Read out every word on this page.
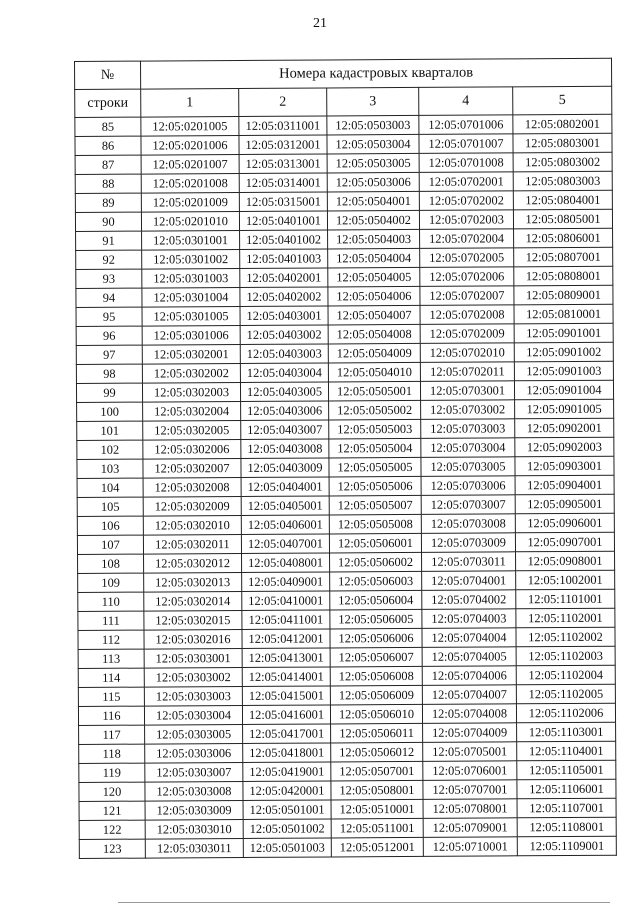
21
№	Номера кадастровых кварталов				
строки	1	2	3	4	5
85	12:05:0201005	12:05:0311001	12:05:0503003	12:05:0701006	12:05:0802001
86	12:05:0201006	12:05:0312001	12:05:0503004	12:05:0701007	12:05:0803001
87	12:05:0201007	12:05:0313001	12:05:0503005	12:05:0701008	12:05:0803002
88	12:05:0201008	12:05:0314001	12:05:0503006	12:05:0702001	12:05:0803003
89	12:05:0201009	12:05:0315001	12:05:0504001	12:05:0702002	12:05:0804001
90	12:05:0201010	12:05:0401001	12:05:0504002	12:05:0702003	12:05:0805001
91	12:05:0301001	12:05:0401002	12:05:0504003	12:05:0702004	12:05:0806001
92	12:05:0301002	12:05:0401003	12:05:0504004	12:05:0702005	12:05:0807001
93	12:05:0301003	12:05:0402001	12:05:0504005	12:05:0702006	12:05:0808001
94	12:05:0301004	12:05:0402002	12:05:0504006	12:05:0702007	12:05:0809001
95	12:05:0301005	12:05:0403001	12:05:0504007	12:05:0702008	12:05:0810001
96	12:05:0301006	12:05:0403002	12:05:0504008	12:05:0702009	12:05:0901001
97	12:05:0302001	12:05:0403003	12:05:0504009	12:05:0702010	12:05:0901002
98	12:05:0302002	12:05:0403004	12:05:0504010	12:05:0702011	12:05:0901003
99	12:05:0302003	12:05:0403005	12:05:0505001	12:05:0703001	12:05:0901004
100	12:05:0302004	12:05:0403006	12:05:0505002	12:05:0703002	12:05:0901005
101	12:05:0302005	12:05:0403007	12:05:0505003	12:05:0703003	12:05:0902001
102	12:05:0302006	12:05:0403008	12:05:0505004	12:05:0703004	12:05:0902003
103	12:05:0302007	12:05:0403009	12:05:0505005	12:05:0703005	12:05:0903001
104	12:05:0302008	12:05:0404001	12:05:0505006	12:05:0703006	12:05:0904001
105	12:05:0302009	12:05:0405001	12:05:0505007	12:05:0703007	12:05:0905001
106	12:05:0302010	12:05:0406001	12:05:0505008	12:05:0703008	12:05:0906001
107	12:05:0302011	12:05:0407001	12:05:0506001	12:05:0703009	12:05:0907001
108	12:05:0302012	12:05:0408001	12:05:0506002	12:05:0703011	12:05:0908001
109	12:05:0302013	12:05:0409001	12:05:0506003	12:05:0704001	12:05:1002001
110	12:05:0302014	12:05:0410001	12:05:0506004	12:05:0704002	12:05:1101001
111	12:05:0302015	12:05:0411001	12:05:0506005	12:05:0704003	12:05:1102001
112	12:05:0302016	12:05:0412001	12:05:0506006	12:05:0704004	12:05:1102002
113	12:05:0303001	12:05:0413001	12:05:0506007	12:05:0704005	12:05:1102003
114	12:05:0303002	12:05:0414001	12:05:0506008	12:05:0704006	12:05:1102004
115	12:05:0303003	12:05:0415001	12:05:0506009	12:05:0704007	12:05:1102005
116	12:05:0303004	12:05:0416001	12:05:0506010	12:05:0704008	12:05:1102006
117	12:05:0303005	12:05:0417001	12:05:0506011	12:05:0704009	12:05:1103001
118	12:05:0303006	12:05:0418001	12:05:0506012	12:05:0705001	12:05:1104001
119	12:05:0303007	12:05:0419001	12:05:0507001	12:05:0706001	12:05:1105001
120	12:05:0303008	12:05:0420001	12:05:0508001	12:05:0707001	12:05:1106001
121	12:05:0303009	12:05:0501001	12:05:0510001	12:05:0708001	12:05:1107001
122	12:05:0303010	12:05:0501002	12:05:0511001	12:05:0709001	12:05:1108001
123	12:05:0303011	12:05:0501003	12:05:0512001	12:05:0710001	12:05:1109001
